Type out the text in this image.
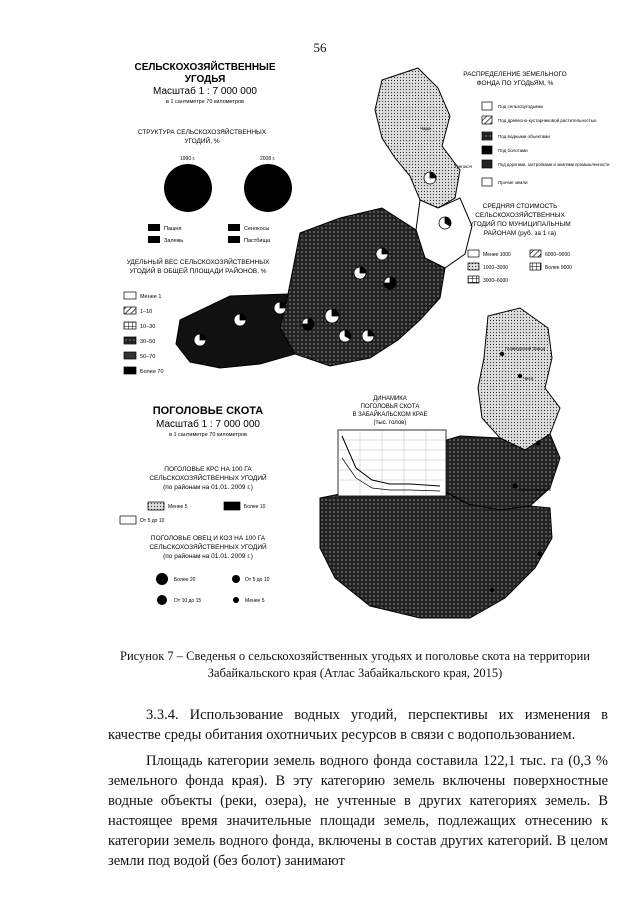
56
СЕЛЬСКОХОЗЯЙСТВЕННЫЕ
УГОДЬЯ
Масштаб 1 : 7 000 000
в 1 сантиметре 70 километров
СТРУКТУРА СЕЛЬСКОХОЗЯЙСТВЕННЫХ
УГОДИЙ, %
1990 г.	2008 г.
Пашня	Сенокосы
Залежь	Пастбища
УДЕЛЬНЫЙ ВЕС СЕЛЬСКОХОЗЯЙСТВЕННЫХ
УГОДИЙ В ОБЩЕЙ ПЛОЩАДИ РАЙОНОВ, %
Менее 1
1–10
10–30
30–50
50–70
Более 70
РАСПРЕДЕЛЕНИЕ ЗЕМЕЛЬНОГО
ФОНДА ПО УГОДЬЯМ, %
Под сельхозугодьями
Под древесно-кустарниковой растительностью
Под водными объектами
Под болотами
Под дорогами, застройками и землями промышленности
Прочие земли
СРЕДНЯЯ СТОИМОСТЬ
СЕЛЬСКОХОЗЯЙСТВЕННЫХ
УГОДИЙ ПО МУНИЦИПАЛЬНЫМ
РАЙОНАМ (руб. за 1 га)
Менее 1000	6000–9000
1000–3000	Более 9000
3000–6000
ПОГОЛОВЬЕ СКОТА
Масштаб 1 : 7 000 000
в 1 сантиметре 70 километров
ПОГОЛОВЬЕ КРС НА 100 ГА
СЕЛЬСКОХОЗЯЙСТВЕННЫХ УГОДИЙ
(по районам на 01.01. 2009 г.)
Менее 5	Более 10
От 5 до 10
ПОГОЛОВЬЕ ОВЕЦ И КОЗ НА 100 ГА
СЕЛЬСКОХОЗЯЙСТВЕННЫХ УГОДИЙ
(по районам на 01.01. 2009 г.)
Более 20	От 5 до 10
От 10 до 15	Менее 5
ДИНАМИКА
ПОГОЛОВЬЯ СКОТА
В ЗАБАЙКАЛЬСКОМ КРАЕ
(тыс. голов)
Чара
Тунгокоч
Газимурский Завод
Чита
Краснокаменск
Рисунок 7 – Сведенья о сельскохозяйственных угодьях и поголовье скота на территории
Забайкальского края (Атлас Забайкальского края, 2015)

3.3.4. Использование водных угодий, перспективы их изменения в качестве среды обитания охотничьих ресурсов в связи с водопользованием.

Площадь категории земель водного фонда составила 122,1 тыс. га (0,3 % земельного фонда края). В эту категорию земель включены поверхностные водные объекты (реки, озера), не учтенные в других категориях земель. В настоящее время значительные площади земель, подлежащих отнесению к категории земель водного фонда, включены в состав других категорий. В целом земли под водой (без болот) занимают
